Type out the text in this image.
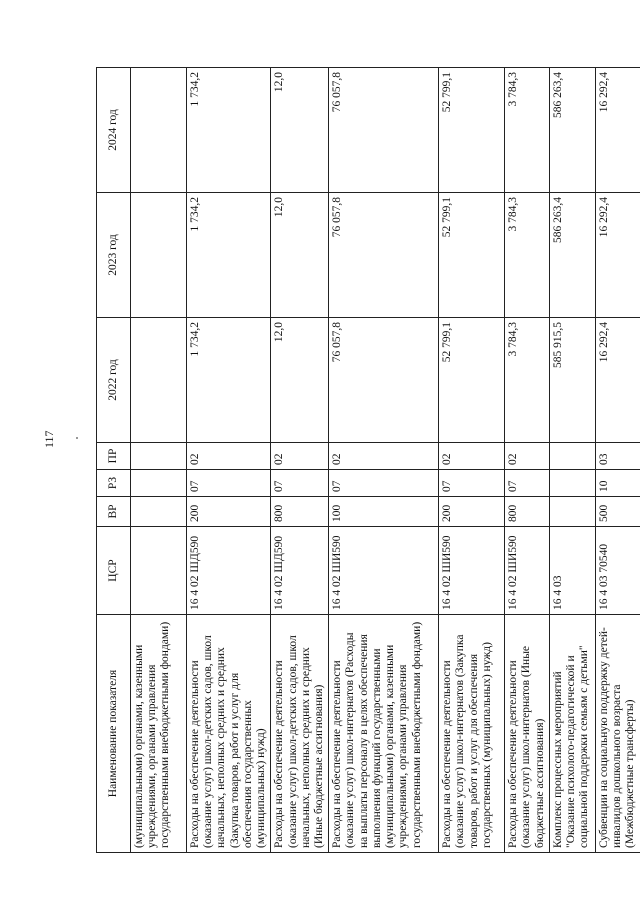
117
Наименование показателя	ЦСР	ВР	РЗ	ПР	2022 год	2023 год	2024 год
(муниципальными) органами, казенными учреждениями, органами управления государственными внебюджетными фондами)							
Расходы на обеспечение деятельности (оказание услуг) школ-детских садов, школ начальных, неполных средних и средних (Закупка товаров, работ и услуг для обеспечения государственных (муниципальных) нужд)	16 4 02 ШД590	200	07	02	1 734,2	1 734,2	1 734,2
Расходы на обеспечение деятельности (оказание услуг) школ-детских садов, школ начальных, неполных средних и средних (Иные бюджетные ассигнования)	16 4 02 ШД590	800	07	02	12,0	12,0	12,0
Расходы на обеспечение деятельности (оказание услуг) школ-интернатов (Расходы на выплаты персоналу в целях обеспечения выполнения функций государственными (муниципальными) органами, казенными учреждениями, органами управления государственными внебюджетными фондами)	16 4 02 ШИ590	100	07	02	76 057,8	76 057,8	76 057,8
Расходы на обеспечение деятельности (оказание услуг) школ-интернатов (Закупка товаров, работ и услуг для обеспечения государственных (муниципальных) нужд)	16 4 02 ШИ590	200	07	02	52 799,1	52 799,1	52 799,1
Расходы на обеспечение деятельности (оказание услуг) школ-интернатов (Иные бюджетные ассигнования)	16 4 02 ШИ590	800	07	02	3 784,3	3 784,3	3 784,3
Комплекс процессных мероприятий "Оказание психолого-педагогической и социальной поддержки семьям с детьми"	16 4 03				585 915,5	586 263,4	586 263,4
Субвенции на социальную поддержку детей-инвалидов дошкольного возраста (Межбюджетные трансферты)	16 4 03 70540	500	10	03	16 292,4	16 292,4	16 292,4
